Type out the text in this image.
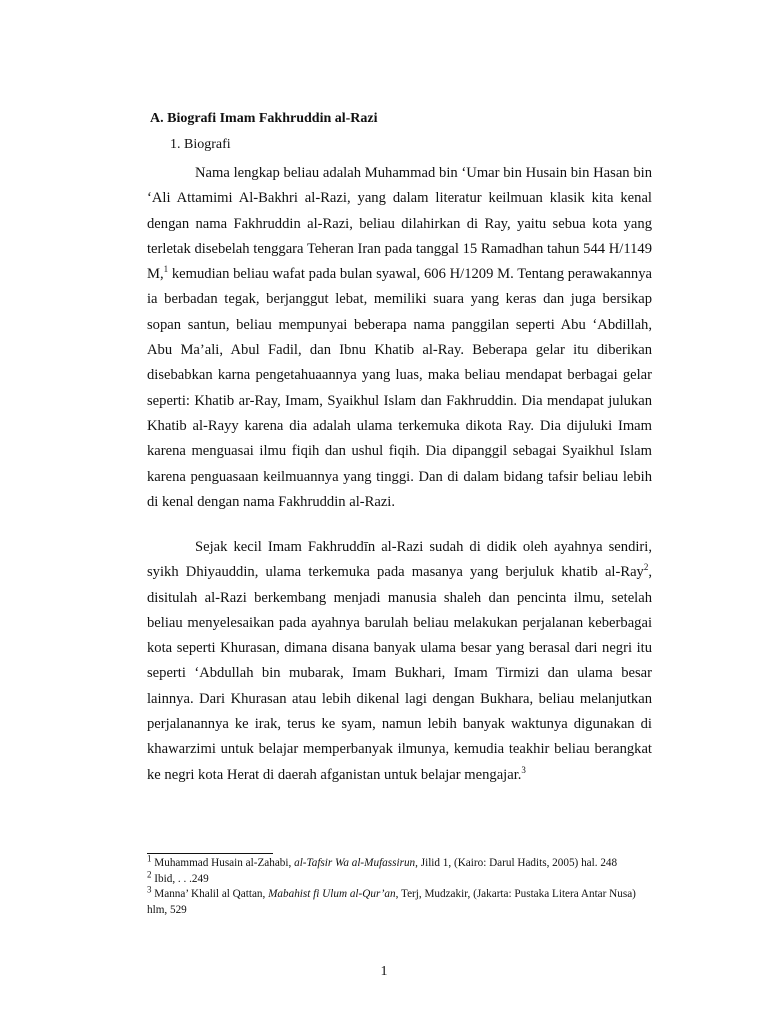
A. Biografi Imam Fakhruddin al-Razi
1. Biografi

Nama lengkap beliau adalah Muhammad bin ‘Umar bin Husain bin Hasan bin ‘Ali Attamimi Al-Bakhri al-Razi, yang dalam literatur keilmuan klasik kita kenal dengan nama Fakhruddin al-Razi, beliau dilahirkan di Ray, yaitu sebua kota yang terletak disebelah tenggara Teheran Iran pada tanggal 15 Ramadhan tahun 544 H/1149 M,$^1$ kemudian beliau wafat pada bulan syawal, 606 H/1209 M. Tentang perawakannya ia berbadan tegak, berjanggut lebat, memiliki suara yang keras dan juga bersikap sopan santun, beliau mempunyai beberapa nama panggilan seperti Abu ‘Abdillah, Abu Ma’ali, Abul Fadil, dan Ibnu Khatib al-Ray. Beberapa gelar itu diberikan disebabkan karna pengetahuaannya yang luas, maka beliau mendapat berbagai gelar seperti: Khatib ar-Ray, Imam, Syaikhul Islam dan Fakhruddin. Dia mendapat julukan Khatib al-Rayy karena dia adalah ulama terkemuka dikota Ray. Dia dijuluki Imam karena menguasai ilmu fiqih dan ushul fiqih. Dia dipanggil sebagai Syaikhul Islam karena penguasaan keilmuannya yang tinggi. Dan di dalam bidang tafsir beliau lebih di kenal dengan nama Fakhruddin al-Razi.

Sejak kecil Imam Fakhruddīn al-Razi sudah di didik oleh ayahnya sendiri, syikh Dhiyauddin, ulama terkemuka pada masanya yang berjuluk khatib al-Ray$^2$, disitulah al-Razi berkembang menjadi manusia shaleh dan pencinta ilmu, setelah beliau menyelesaikan pada ayahnya barulah beliau melakukan perjalanan keberbagai kota seperti Khurasan, dimana disana banyak ulama besar yang berasal dari negri itu seperti ‘Abdullah bin mubarak, Imam Bukhari, Imam Tirmizi dan ulama besar lainnya. Dari Khurasan atau lebih dikenal lagi dengan Bukhara, beliau melanjutkan perjalanannya ke irak, terus ke syam, namun lebih banyak waktunya digunakan di khawarzimi untuk belajar memperbanyak ilmunya, kemudia teakhir beliau berangkat ke negri kota Herat di daerah afganistan untuk belajar mengajar.$^3$

$^1$ Muhammad Husain al-Zahabi, al-Tafsir Wa al-Mufassirun, Jilid 1, (Kairo: Darul Hadits, 2005) hal. 248

$^2$ Ibid, . . .249

$^3$ Manna’ Khalil al Qattan, Mabahist fi Ulum al-Qur’an, Terj, Mudzakir, (Jakarta: Pustaka Litera Antar Nusa) hlm, 529

1
